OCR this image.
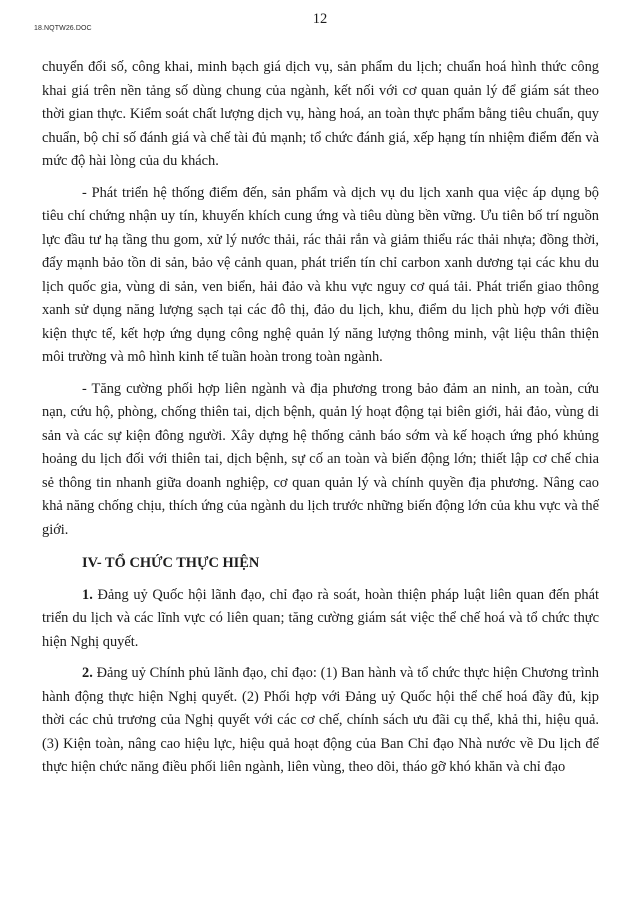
18.NQTW26.DOC
12

chuyển đổi số, công khai, minh bạch giá dịch vụ, sản phẩm du lịch; chuẩn hoá hình thức công khai giá trên nền tảng số dùng chung của ngành, kết nối với cơ quan quản lý để giám sát theo thời gian thực. Kiểm soát chất lượng dịch vụ, hàng hoá, an toàn thực phẩm bằng tiêu chuẩn, quy chuẩn, bộ chỉ số đánh giá và chế tài đủ mạnh; tổ chức đánh giá, xếp hạng tín nhiệm điểm đến và mức độ hài lòng của du khách.

- Phát triển hệ thống điểm đến, sản phẩm và dịch vụ du lịch xanh qua việc áp dụng bộ tiêu chí chứng nhận uy tín, khuyến khích cung ứng và tiêu dùng bền vững. Ưu tiên bố trí nguồn lực đầu tư hạ tầng thu gom, xử lý nước thải, rác thải rắn và giảm thiểu rác thải nhựa; đồng thời, đẩy mạnh bảo tồn di sản, bảo vệ cảnh quan, phát triển tín chỉ carbon xanh dương tại các khu du lịch quốc gia, vùng di sản, ven biển, hải đảo và khu vực nguy cơ quá tải. Phát triển giao thông xanh sử dụng năng lượng sạch tại các đô thị, đảo du lịch, khu, điểm du lịch phù hợp với điều kiện thực tế, kết hợp ứng dụng công nghệ quản lý năng lượng thông minh, vật liệu thân thiện môi trường và mô hình kinh tế tuần hoàn trong toàn ngành.

- Tăng cường phối hợp liên ngành và địa phương trong bảo đảm an ninh, an toàn, cứu nạn, cứu hộ, phòng, chống thiên tai, dịch bệnh, quản lý hoạt động tại biên giới, hải đảo, vùng di sản và các sự kiện đông người. Xây dựng hệ thống cảnh báo sớm và kế hoạch ứng phó khủng hoảng du lịch đối với thiên tai, dịch bệnh, sự cố an toàn và biến động lớn; thiết lập cơ chế chia sẻ thông tin nhanh giữa doanh nghiệp, cơ quan quản lý và chính quyền địa phương. Nâng cao khả năng chống chịu, thích ứng của ngành du lịch trước những biến động lớn của khu vực và thế giới.

IV- TỔ CHỨC THỰC HIỆN

1. Đảng uỷ Quốc hội lãnh đạo, chỉ đạo rà soát, hoàn thiện pháp luật liên quan đến phát triển du lịch và các lĩnh vực có liên quan; tăng cường giám sát việc thể chế hoá và tổ chức thực hiện Nghị quyết.

2. Đảng uỷ Chính phủ lãnh đạo, chỉ đạo: (1) Ban hành và tổ chức thực hiện Chương trình hành động thực hiện Nghị quyết. (2) Phối hợp với Đảng uỷ Quốc hội thể chế hoá đầy đủ, kịp thời các chủ trương của Nghị quyết với các cơ chế, chính sách ưu đãi cụ thể, khả thi, hiệu quả. (3) Kiện toàn, nâng cao hiệu lực, hiệu quả hoạt động của Ban Chỉ đạo Nhà nước về Du lịch để thực hiện chức năng điều phối liên ngành, liên vùng, theo dõi, tháo gỡ khó khăn và chỉ đạo
